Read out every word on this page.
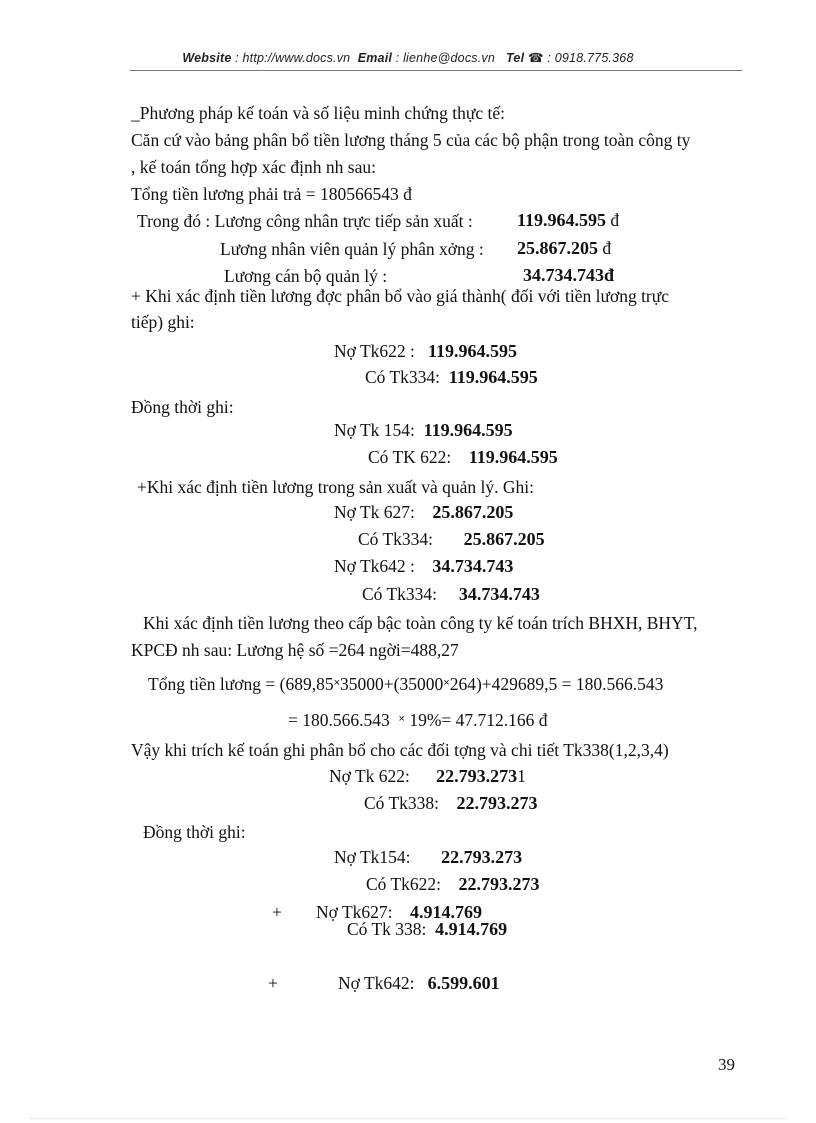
Website : http://www.docs.vn Email : lienhe@docs.vn Tel ☎ : 0918.775.368
_Phương pháp kế toán và số liệu minh chứng thực tế:
Căn cứ vào bảng phân bổ tiền lương tháng 5 của các bộ phận trong toàn công ty
, kế toán tổng hợp xác định nh sau:
Tổng tiền lương phải trả = 180566543 đ
Trong đó : Lương công nhân trực tiếp sản xuất : 119.964.595 đ
Lương nhân viên quản lý phân xởng : 25.867.205 đ
Lương cán bộ quản lý :	34.734.743đ
+ Khi xác định tiền lương đợc phân bổ vào giá thành( đối với tiền lương trực
tiếp) ghi:
Nợ Tk622 : 119.964.595
Có Tk334: 119.964.595
Đồng thời ghi:
Nợ Tk 154: 119.964.595
Có TK 622: 119.964.595
+Khi xác định tiền lương trong sản xuất và quản lý. Ghi:
Nợ Tk 627: 25.867.205
Có Tk334: 25.867.205
Nợ Tk642 : 34.734.743
Có Tk334: 34.734.743
Khi xác định tiền lương theo cấp bậc toàn công ty kế toán trích BHXH, BHYT,
KPCĐ nh sau: Lương hệ số =264 ngời=488,27
Tổng tiền lương = (689,85×35000+(35000×264)+429689,5 = 180.566.543
= 180.566.543 × 19%= 47.712.166 đ
Vậy khi trích kế toán ghi phân bổ cho các đối tợng và chi tiết Tk338(1,2,3,4)
Nợ Tk 622: 22.793.2731
Có Tk338: 22.793.273
Đồng thời ghi:
Nợ Tk154: 22.793.273
Có Tk622: 22.793.273
+ Nợ Tk627: 4.914.769
Có Tk 338: 4.914.769
+	Nợ Tk642: 6.599.601
39
